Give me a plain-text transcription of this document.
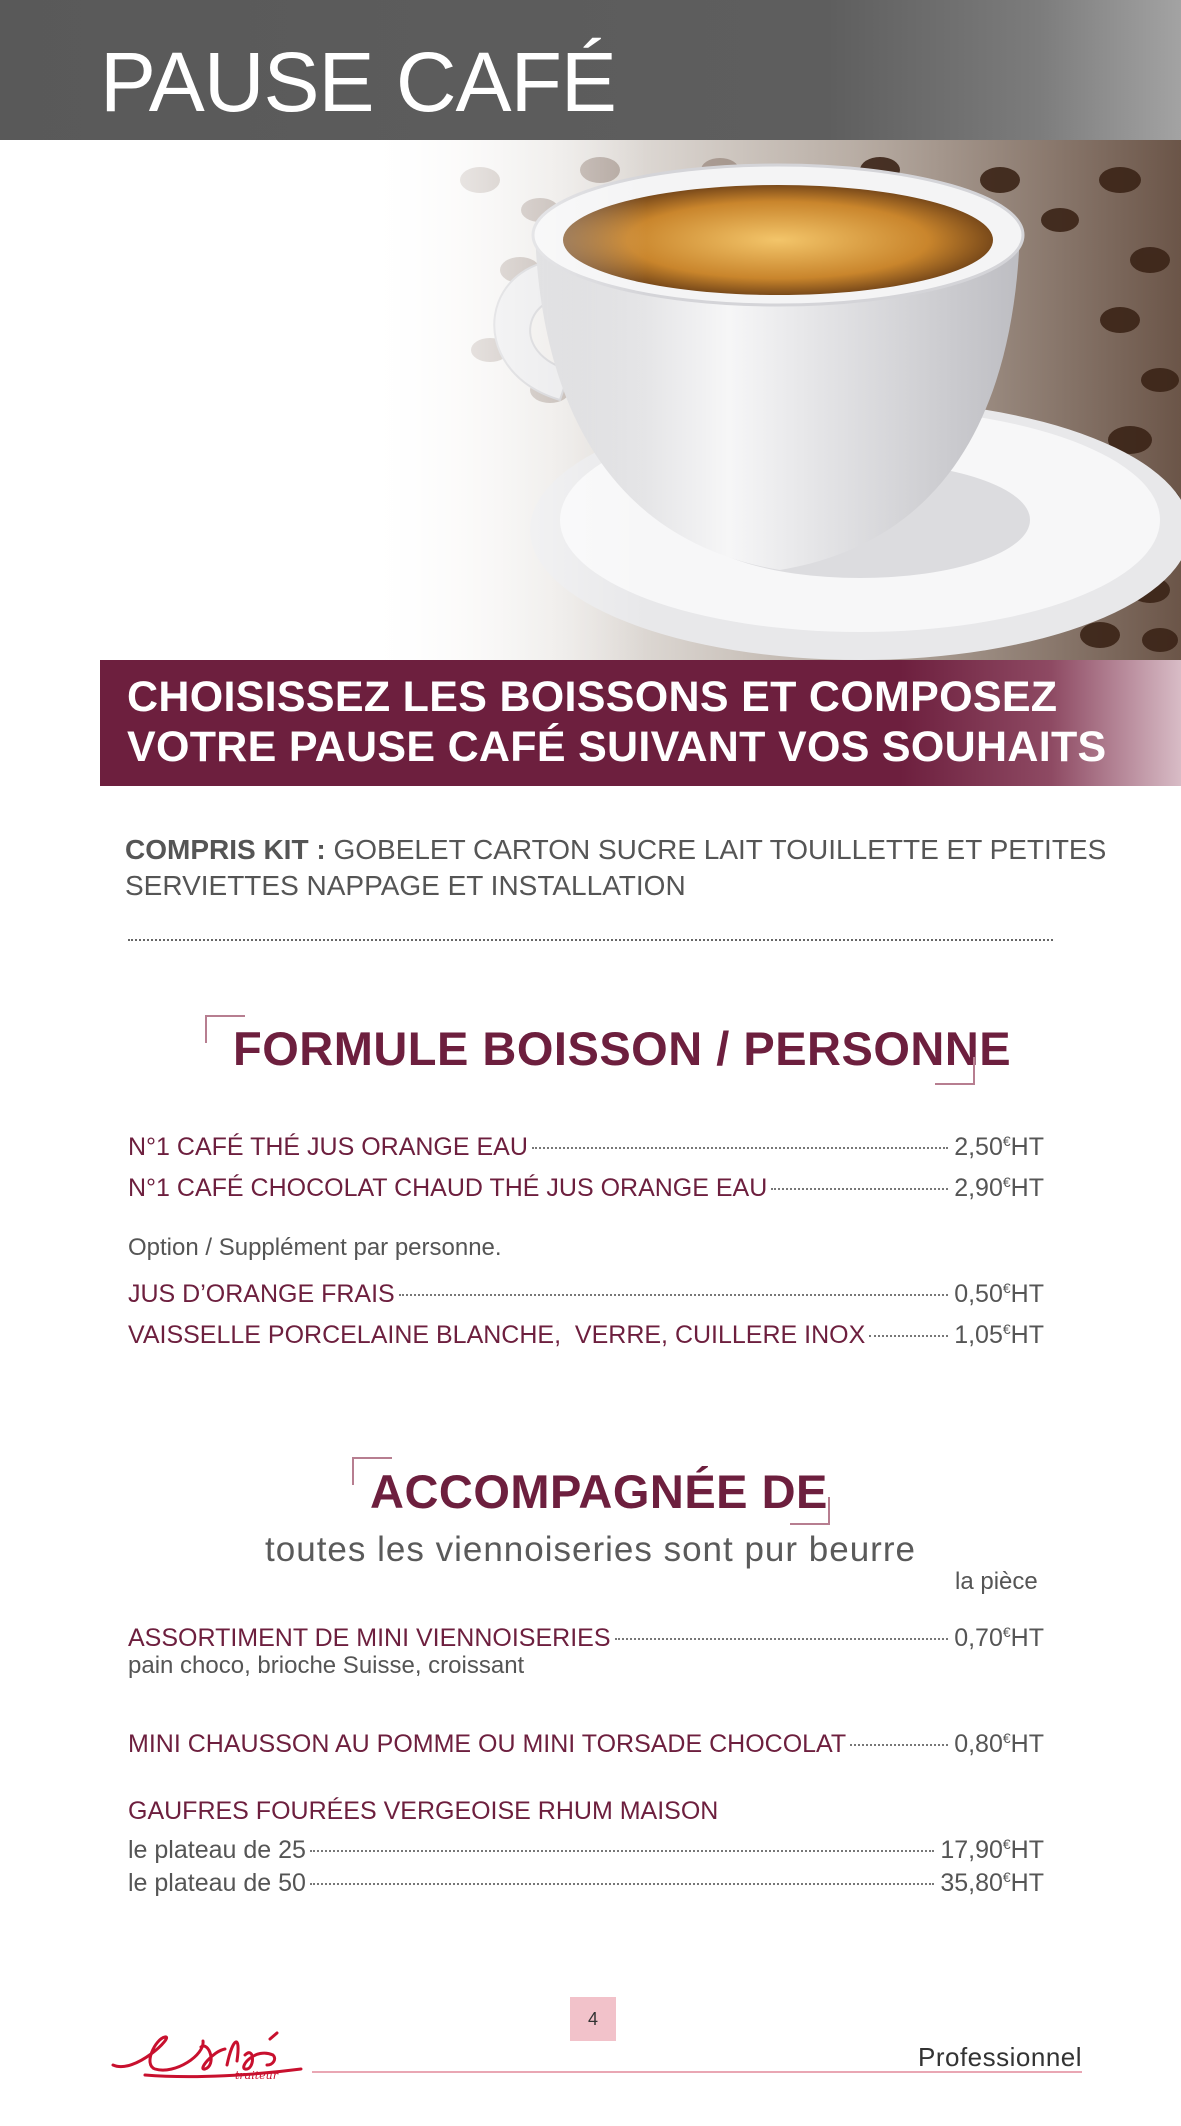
PAUSE CAFÉ
CHOISISSEZ LES BOISSONS ET COMPOSEZ
VOTRE PAUSE CAFÉ SUIVANT VOS SOUHAITS
COMPRIS KIT : GOBELET CARTON SUCRE LAIT TOUILLETTE ET PETITES
SERVIETTES NAPPAGE ET INSTALLATION
FORMULE BOISSON / PERSONNE
N°1 CAFÉ THÉ JUS ORANGE EAU	2,50€HT
N°1 CAFÉ CHOCOLAT CHAUD THÉ JUS ORANGE EAU	2,90€HT
Option / Supplément par personne.
JUS D’ORANGE FRAIS	0,50€HT
VAISSELLE PORCELAINE BLANCHE,  VERRE, CUILLERE INOX	1,05€HT
ACCOMPAGNÉE DE
toutes les viennoiseries sont pur beurre
la pièce
ASSORTIMENT DE MINI VIENNOISERIES	0,70€HT
pain choco, brioche Suisse, croissant
MINI CHAUSSON AU POMME OU MINI TORSADE CHOCOLAT	0,80€HT
GAUFRES FOURÉES VERGEOISE RHUM MAISON
le plateau de 25	17,90€HT
le plateau de 50	35,80€HT
4
traiteur
Professionnel
